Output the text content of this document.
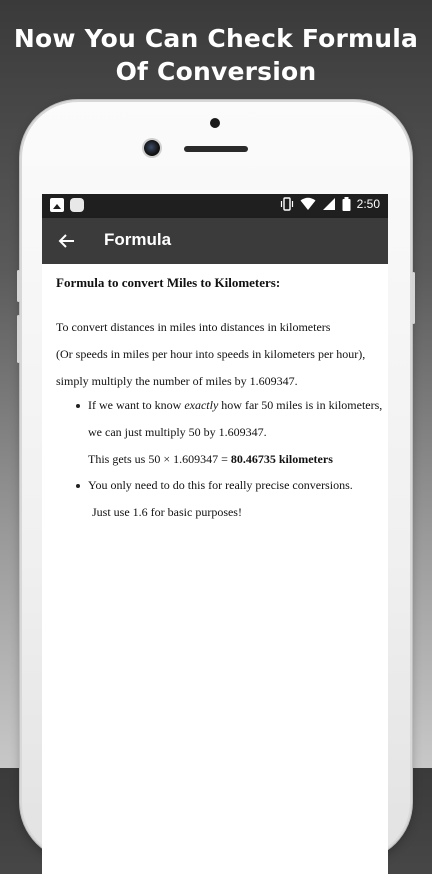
Now You Can Check Formula
Of Conversion
2:50
Formula
Formula to convert Miles to Kilometers:
To convert distances in miles into distances in kilometers
(Or speeds in miles per hour into speeds in kilometers per hour),
simply multiply the number of miles by 1.609347.
If we want to know exactly how far 50 miles is in kilometers,
we can just multiply 50 by 1.609347.
This gets us 50 × 1.609347 = 80.46735 kilometers
You only need to do this for really precise conversions.
Just use 1.6 for basic purposes!
